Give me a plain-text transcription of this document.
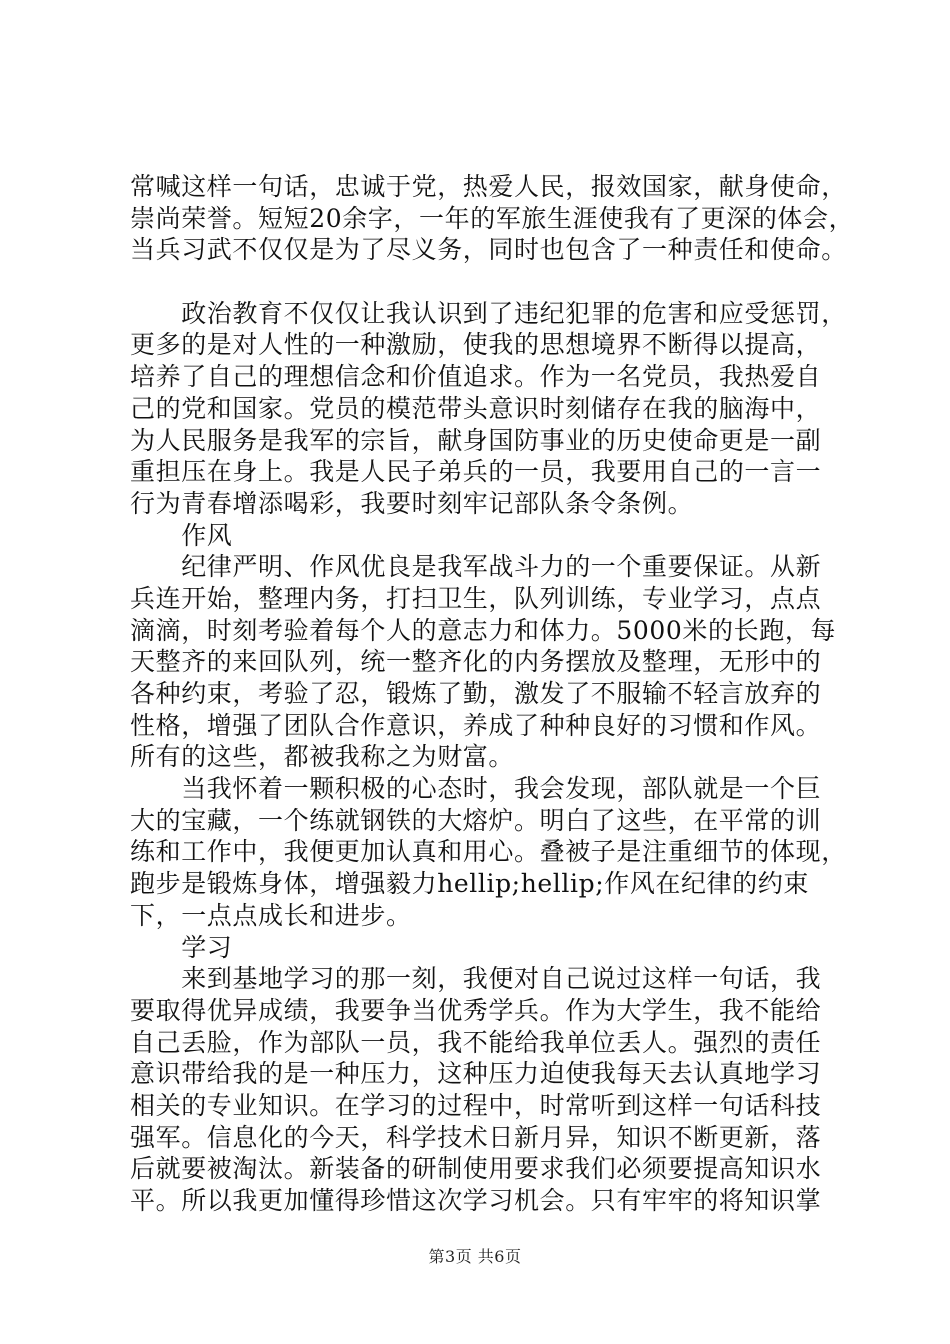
常喊这样一句话，忠诚于党，热爱人民，报效国家，献身使命，
崇尚荣誉。短短20余字，一年的军旅生涯使我有了更深的体会，
当兵习武不仅仅是为了尽义务，同时也包含了一种责任和使命。
　　政治教育不仅仅让我认识到了违纪犯罪的危害和应受惩罚，
更多的是对人性的一种激励，使我的思想境界不断得以提高，
培养了自己的理想信念和价值追求。作为一名党员，我热爱自
己的党和国家。党员的模范带头意识时刻储存在我的脑海中，
为人民服务是我军的宗旨，献身国防事业的历史使命更是一副
重担压在身上。我是人民子弟兵的一员，我要用自己的一言一
行为青春增添喝彩，我要时刻牢记部队条令条例。
　　作风
　　纪律严明、作风优良是我军战斗力的一个重要保证。从新
兵连开始，整理内务，打扫卫生，队列训练，专业学习，点点
滴滴，时刻考验着每个人的意志力和体力。5000米的长跑，每
天整齐的来回队列，统一整齐化的内务摆放及整理，无形中的
各种约束，考验了忍，锻炼了勤，激发了不服输不轻言放弃的
性格，增强了团队合作意识，养成了种种良好的习惯和作风。
所有的这些，都被我称之为财富。
　　当我怀着一颗积极的心态时，我会发现，部队就是一个巨
大的宝藏，一个练就钢铁的大熔炉。明白了这些，在平常的训
练和工作中，我便更加认真和用心。叠被子是注重细节的体现，
跑步是锻炼身体，增强毅力hellip;hellip;作风在纪律的约束
下，一点点成长和进步。
　　学习
　　来到基地学习的那一刻，我便对自己说过这样一句话，我
要取得优异成绩，我要争当优秀学兵。作为大学生，我不能给
自己丢脸，作为部队一员，我不能给我单位丢人。强烈的责任
意识带给我的是一种压力，这种压力迫使我每天去认真地学习
相关的专业知识。在学习的过程中，时常听到这样一句话科技
强军。信息化的今天，科学技术日新月异，知识不断更新，落
后就要被淘汰。新装备的研制使用要求我们必须要提高知识水
平。所以我更加懂得珍惜这次学习机会。只有牢牢的将知识掌
第3页 共6页
